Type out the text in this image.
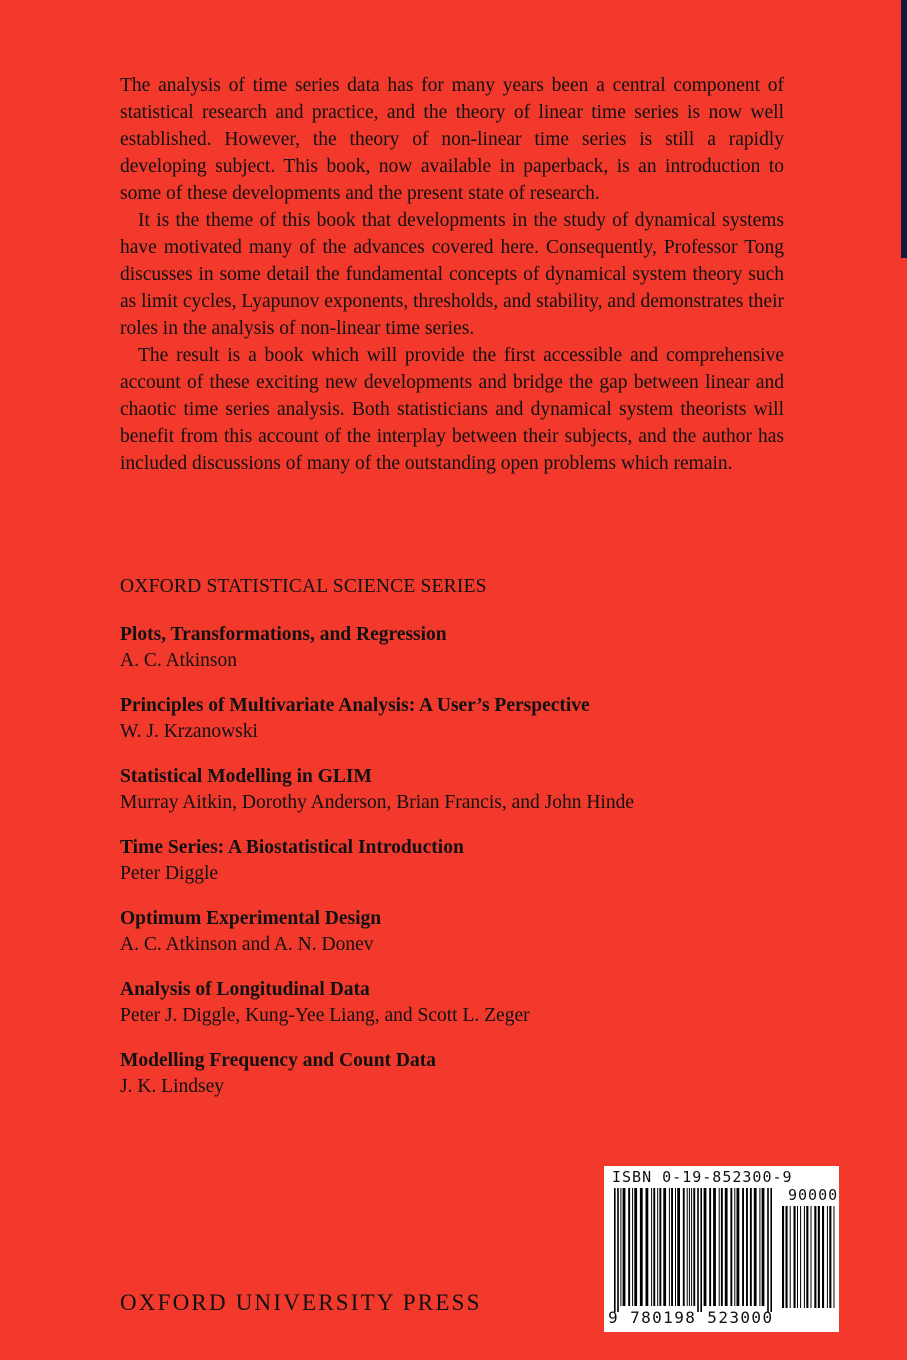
The analysis of time series data has for many years been a central component of statistical research and practice, and the theory of linear time series is now well established. However, the theory of non-linear time series is still a rapidly developing subject. This book, now available in paperback, is an introduction to some of these developments and the present state of research.

It is the theme of this book that developments in the study of dynamical systems have motivated many of the advances covered here. Consequently, Professor Tong discusses in some detail the fundamental concepts of dynamical system theory such as limit cycles, Lyapunov exponents, thresholds, and stability, and demonstrates their roles in the analysis of non-linear time series.

The result is a book which will provide the first accessible and comprehensive account of these exciting new developments and bridge the gap between linear and chaotic time series analysis. Both statisticians and dynamical system theorists will benefit from this account of the interplay between their subjects, and the author has included discussions of many of the outstanding open problems which remain.

OXFORD STATISTICAL SCIENCE SERIES
Plots, Transformations, and Regression
A. C. Atkinson
Principles of Multivariate Analysis: A User’s Perspective
W. J. Krzanowski
Statistical Modelling in GLIM
Murray Aitkin, Dorothy Anderson, Brian Francis, and John Hinde
Time Series: A Biostatistical Introduction
Peter Diggle
Optimum Experimental Design
A. C. Atkinson and A. N. Donev
Analysis of Longitudinal Data
Peter J. Diggle, Kung-Yee Liang, and Scott L. Zeger
Modelling Frequency and Count Data
J. K. Lindsey
OXFORD UNIVERSITY PRESS
ISBN 0-19-852300-9
90000
9 780198 523000
